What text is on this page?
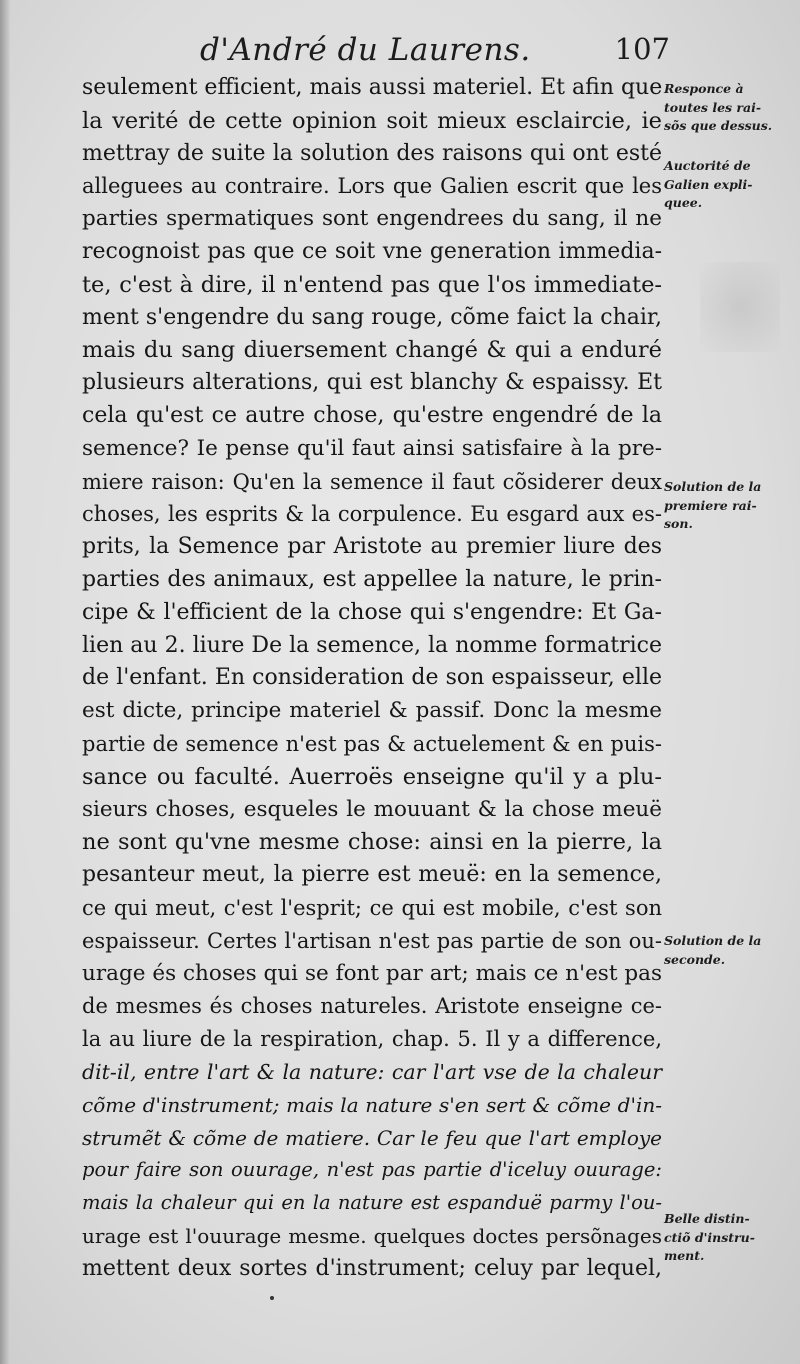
d'André du Laurens.	107
seulement efficient, mais aussi materiel. Et afin que
la verité de cette opinion soit mieux esclaircie, ie
mettray de suite la solution des raisons qui ont esté
alleguees au contraire. Lors que Galien escrit que les
parties spermatiques sont engendrees du sang, il ne
recognoist pas que ce soit vne generation immedia-
te, c'est à dire, il n'entend pas que l'os immediate-
ment s'engendre du sang rouge, cõme faict la chair,
mais du sang diuersement changé & qui a enduré
plusieurs alterations, qui est blanchy & espaissy. Et
cela qu'est ce autre chose, qu'estre engendré de la
semence? Ie pense qu'il faut ainsi satisfaire à la pre-
miere raison: Qu'en la semence il faut cõsiderer deux
choses, les esprits & la corpulence. Eu esgard aux es-
prits, la Semence par Aristote au premier liure des
parties des animaux, est appellee la nature, le prin-
cipe & l'efficient de la chose qui s'engendre: Et Ga-
lien au 2. liure De la semence, la nomme formatrice
de l'enfant. En consideration de son espaisseur, elle
est dicte, principe materiel & passif. Donc la mesme
partie de semence n'est pas & actuelement & en puis-
sance ou faculté. Auerroës enseigne qu'il y a plu-
sieurs choses, esqueles le mouuant & la chose meuë
ne sont qu'vne mesme chose: ainsi en la pierre, la
pesanteur meut, la pierre est meuë: en la semence,
ce qui meut, c'est l'esprit; ce qui est mobile, c'est son
espaisseur. Certes l'artisan n'est pas partie de son ou-
urage és choses qui se font par art; mais ce n'est pas
de mesmes és choses natureles. Aristote enseigne ce-
la au liure de la respiration, chap. 5. Il y a difference,
dit-il, entre l'art & la nature: car l'art vse de la chaleur
cõme d'instrument; mais la nature s'en sert & cõme d'in-
strumẽt & cõme de matiere. Car le feu que l'art employe
pour faire son ouurage, n'est pas partie d'iceluy ouurage:
mais la chaleur qui en la nature est espanduë parmy l'ou-
urage est l'ouurage mesme. quelques doctes persõnages
mettent deux sortes d'instrument; celuy par lequel,
Responce à
toutes les rai-
sõs que dessus.
Auctorité de
Galien expli-
quee.
Solution de la
premiere rai-
son.
Solution de la
seconde.
Belle distin-
ctiõ d'instru-
ment.
